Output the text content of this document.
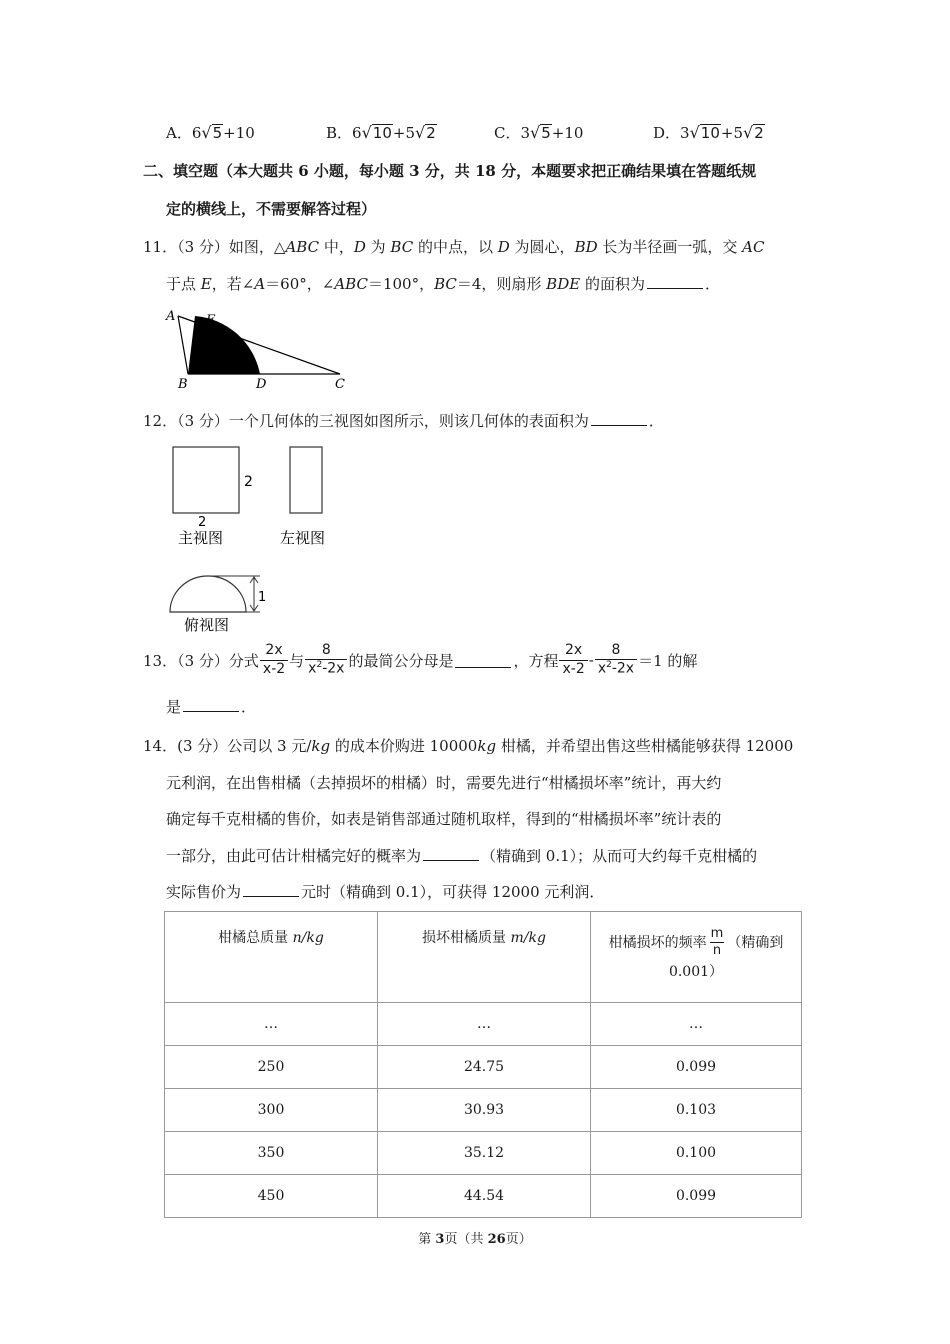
A．6 √ 5 +10	B．6 √ 10 +5 √ 2	C．3 √ 5 +10	D．3 √ 10 +5 √ 2
二、填空题（本大题共 6 小题，每小题 3 分，共 18 分，本题要求把正确结果填在答题纸规
定的横线上，不需要解答过程）
11．（3 分）如图，△ABC 中，D 为 BC 的中点，以 D 为圆心，BD 长为半径画一弧，交 AC
于点 E，若∠A＝60°，∠ABC＝100°，BC＝4，则扇形 BDE 的面积为	．
A E
B	D	C
12．（3 分）一个几何体的三视图如图所示，则该几何体的表面积为	．
2
2
主视图	左视图
1
俯视图
13．（3 分）分式 $\frac{2x}{x-2}$ 与 $\frac{8}{x^2-2x}$ 的最简公分母是	，方程 $\frac{2x}{x-2} - \frac{8}{x^2-2x} =1$ 的解
是	．
14．(3 分）公司以 3 元/kg 的成本价购进 10000kg 柑橘，并希望出售这些柑橘能够获得 12000
元利润，在出售柑橘（去掉损坏的柑橘）时，需要先进行“柑橘损坏率”统计，再大约
确定每千克柑橘的售价，如表是销售部通过随机取样，得到的“柑橘损坏率”统计表的
一部分，由此可估计柑橘完好的概率为	（精确到 0.1）；从而可大约每千克柑橘的
实际售价为	元时（精确到 0.1），可获得 12000 元利润．
柑橘总质量 n/kg	损坏柑橘质量 m/kg	柑橘损坏的频率 $\frac{m}{n}$ （精确到
0.001）

…	…	…
250	24.75	0.099
300	30.93	0.103
350	35.12	0.100
450	44.54	0.099
第 3页（共 26页）
